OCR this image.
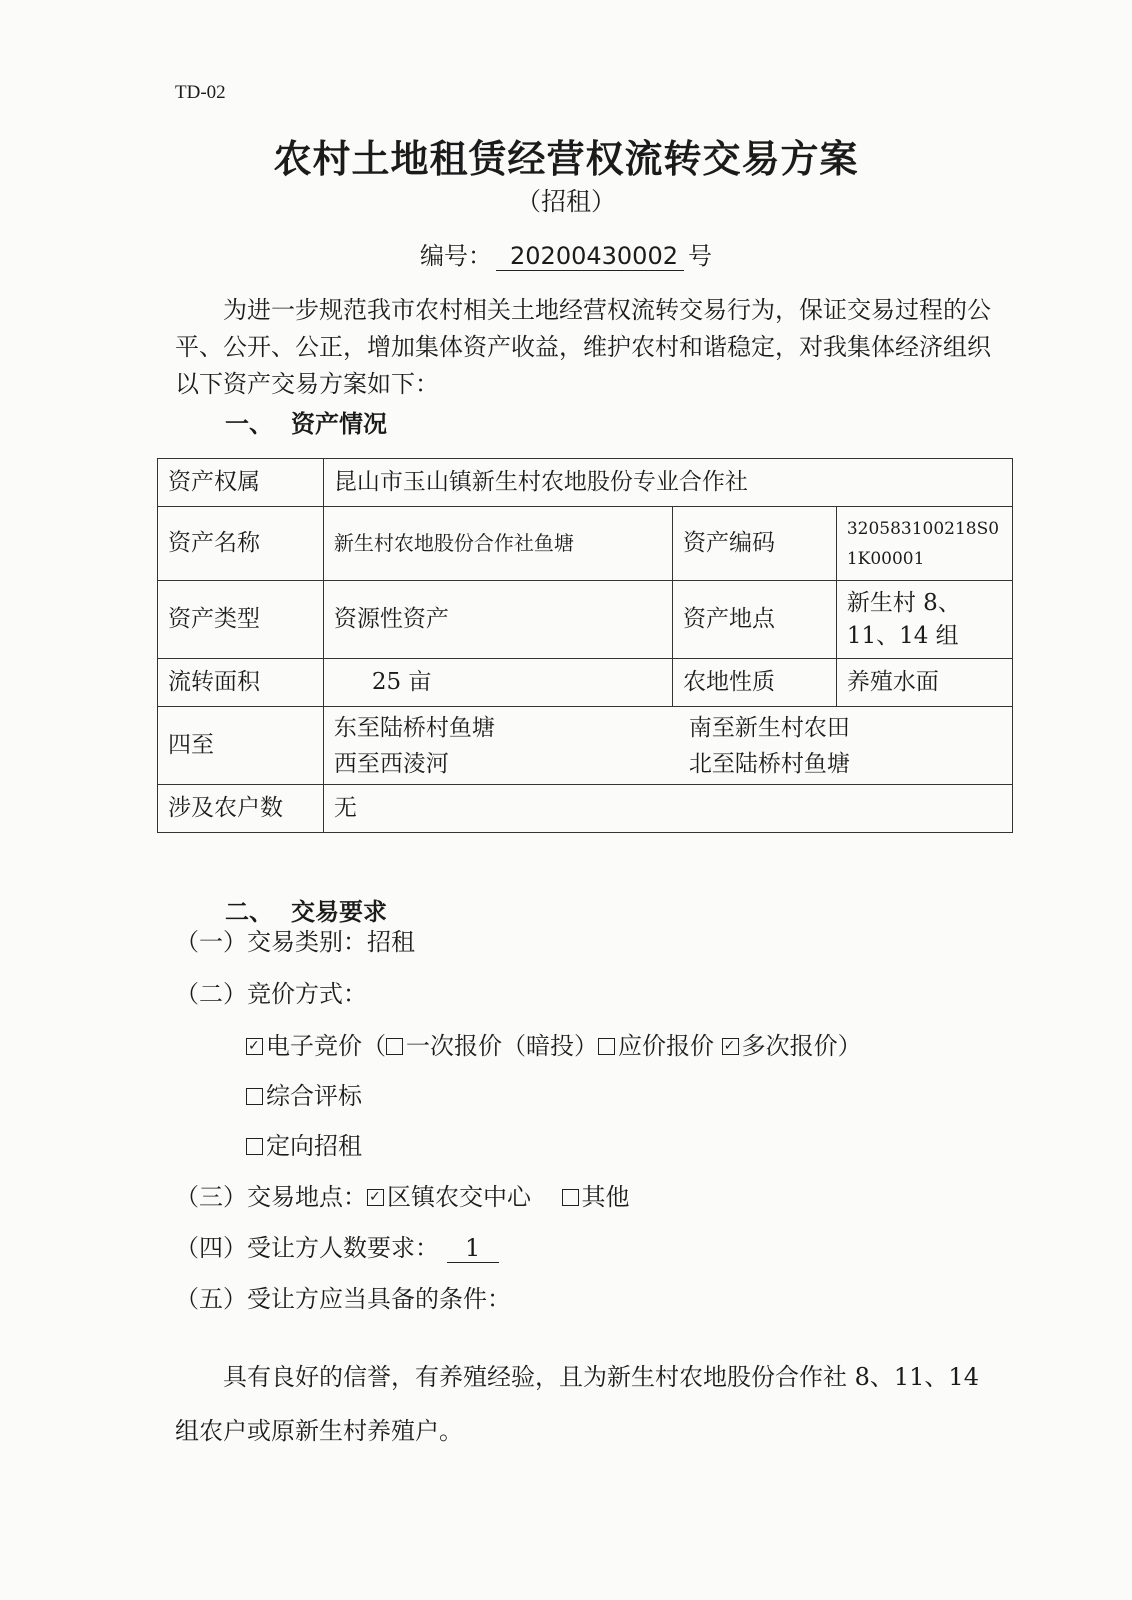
TD-02
农村土地租赁经营权流转交易方案
（招租）
编号： 20200430002 号
为进一步规范我市农村相关土地经营权流转交易行为，保证交易过程的公平、公开、公正，增加集体资产收益，维护农村和谐稳定，对我集体经济组织以下资产交易方案如下：
一、 资产情况
资产权属	昆山市玉山镇新生村农地股份专业合作社		
资产名称	新生村农地股份合作社鱼塘	资产编码	320583100218S01K00001
资产类型	资源性资产	资产地点	新生村 8、11、14 组
流转面积	25 亩	农地性质	养殖水面
四至	东至陆桥村鱼塘 南至新生村农田
西至西淩河 北至陆桥村鱼塘		

涉及农户数	无		
二、 交易要求
（一）交易类别：招租
（二）竞价方式：
✓电子竞价（ 一次报价（暗投） 应价报价 ✓ 多次报价）
综合评标
定向招租
（三）交易地点： ✓ 区镇农交中心 其他
（四）受让方人数要求： 1
（五）受让方应当具备的条件：
具有良好的信誉，有养殖经验，且为新生村农地股份合作社 8、11、14 组农户或原新生村养殖户。
